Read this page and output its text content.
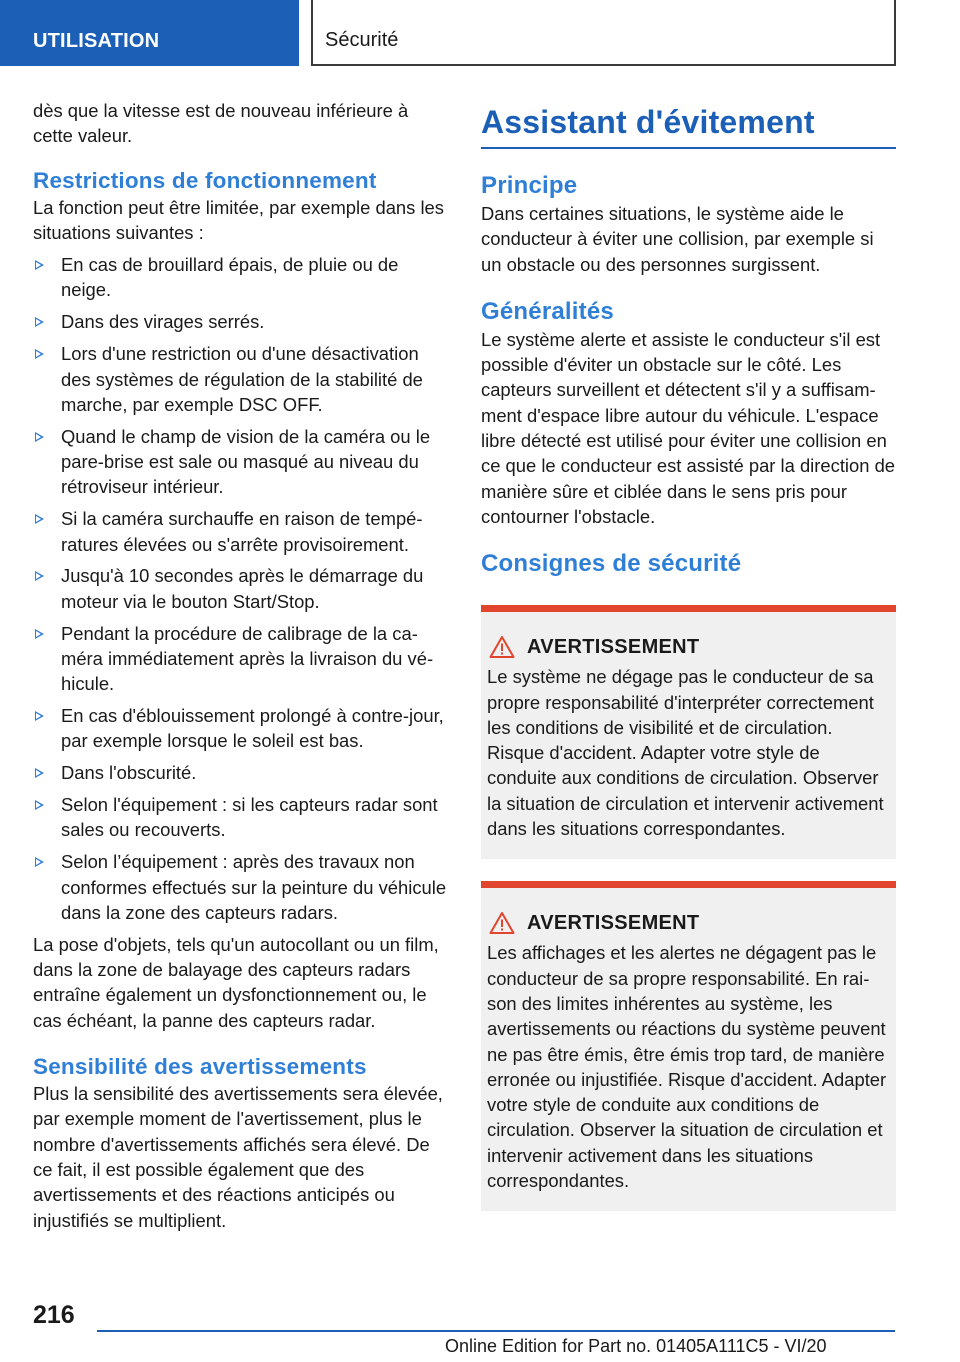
UTILISATION	Sécurité

dès que la vitesse est de nouveau inférieure à cette valeur.

Restrictions de fonctionnement

La fonction peut être limitée, par exemple dans les situations suivantes :

En cas de brouillard épais, de pluie ou de neige.
Dans des virages serrés.
Lors d'une restriction ou d'une désactivation des systèmes de régulation de la stabilité de marche, par exemple DSC OFF.
Quand le champ de vision de la caméra ou le pare-brise est sale ou masqué au niveau du rétroviseur intérieur.
Si la caméra surchauffe en raison de températures élevées ou s'arrête provisoirement.
Jusqu'à 10 secondes après le démarrage du moteur via le bouton Start/Stop.
Pendant la procédure de calibrage de la caméra immédiatement après la livraison du véhicule.
En cas d'éblouissement prolongé à contre-jour, par exemple lorsque le soleil est bas.
Dans l'obscurité.
Selon l'équipement : si les capteurs radar sont sales ou recouverts.
Selon l’équipement : après des travaux non conformes effectués sur la peinture du véhicule dans la zone des capteurs radars.

La pose d'objets, tels qu'un autocollant ou un film, dans la zone de balayage des capteurs radars entraîne également un dysfonctionnement ou, le cas échéant, la panne des capteurs radar.

Sensibilité des avertissements

Plus la sensibilité des avertissements sera élevée, par exemple moment de l'avertissement, plus le nombre d'avertissements affichés sera élevé. De ce fait, il est possible également que des avertissements et des réactions anticipés ou injustifiés se multiplient.

Assistant d'évitement
Principe

Dans certaines situations, le système aide le conducteur à éviter une collision, par exemple si un obstacle ou des personnes surgissent.

Généralités

Le système alerte et assiste le conducteur s'il est possible d'éviter un obstacle sur le côté. Les capteurs surveillent et détectent s'il y a suffisamment d'espace libre autour du véhicule. L'espace libre détecté est utilisé pour éviter une collision en ce que le conducteur est assisté par la direction de manière sûre et ciblée dans le sens pris pour contourner l'obstacle.

Consignes de sécurité
AVERTISSEMENT

Le système ne dégage pas le conducteur de sa propre responsabilité d'interpréter correctement les conditions de visibilité et de circulation. Risque d'accident. Adapter votre style de conduite aux conditions de circulation. Observer la situation de circulation et intervenir activement dans les situations correspondantes.

AVERTISSEMENT

Les affichages et les alertes ne dégagent pas le conducteur de sa propre responsabilité. En raison des limites inhérentes au système, les avertissements ou réactions du système peuvent ne pas être émis, être émis trop tard, de manière erronée ou injustifiée. Risque d'accident. Adapter votre style de conduite aux conditions de circulation. Observer la situation de circulation et intervenir activement dans les situations correspondantes.

216
Online Edition for Part no. 01405A111C5 - VI/20
